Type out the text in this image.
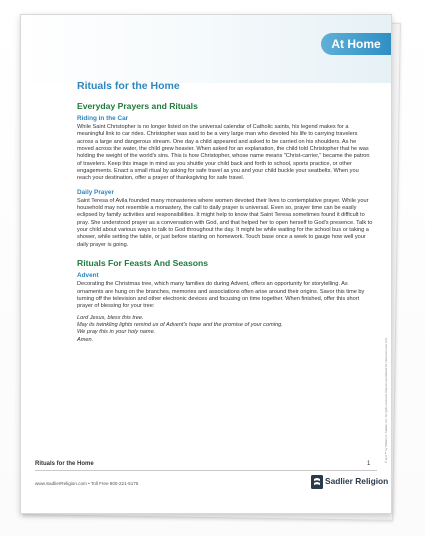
At Home
Rituals for the Home
Everyday Prayers and Rituals
Riding in the Car

While Saint Christopher is no longer listed on the universal calendar of Catholic saints, his legend makes for a meaningful link to car rides. Christopher was said to be a very large man who devoted his life to carrying travelers across a large and dangerous stream. One day a child appeared and asked to be carried on his shoulders. As he moved across the water, the child grew heavier. When asked for an explanation, the child told Christopher that he was holding the weight of the world's sins. This is how Christopher, whose name means "Christ-carrier," became the patron of travelers. Keep this image in mind as you shuttle your child back and forth to school, sports practice, or other engagements. Enact a small ritual by asking for safe travel as you and your child buckle your seatbelts. When you reach your destination, offer a prayer of thanksgiving for safe travel.

Daily Prayer

Saint Teresa of Avila founded many monasteries where women devoted their lives to contemplative prayer. While your household may not resemble a monastery, the call to daily prayer is universal. Even so, prayer time can be easily eclipsed by family activities and responsibilities. It might help to know that Saint Teresa sometimes found it difficult to pray. She understood prayer as a conversation with God, and that helped her to open herself to God's presence. Talk to your child about various ways to talk to God throughout the day. It might be while waiting for the school bus or taking a shower, while setting the table, or just before starting on homework. Touch base once a week to gauge how well your daily prayer is going.

Rituals For Feasts And Seasons
Advent

Decorating the Christmas tree, which many families do during Advent, offers an opportunity for storytelling. As ornaments are hung on the branches, memories and associations often arise around their origins. Savor this time by turning off the television and other electronic devices and focusing on time together. When finished, offer this short prayer of blessing for your tree:

Lord Jesus, bless this tree.

May its twinkling lights remind us of Advent's hope and the promise of your coming.

We pray this in your holy name.

Amen.	© and ™ by William H. Sadlier, Inc. All rights reserved. May be reproduced for classroom use only.
Rituals for the Home	1
www.SadlierReligion.com • Toll Free 800-221-5175	Sadlier Religion
